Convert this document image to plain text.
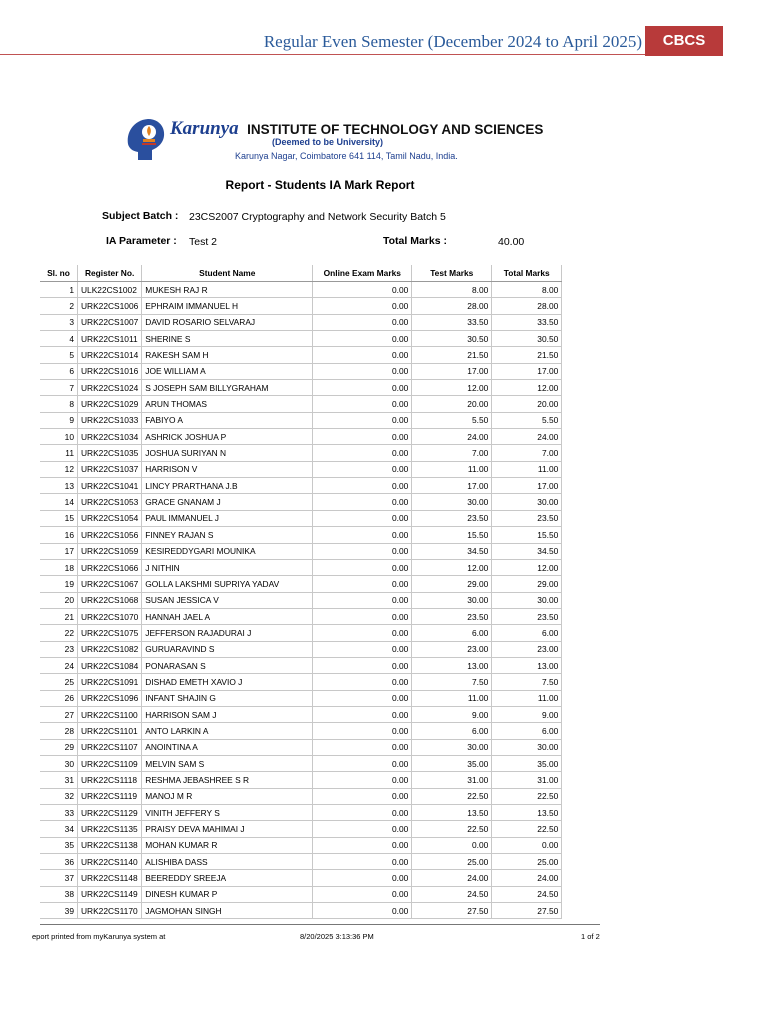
Regular Even Semester (December 2024 to April 2025)	CBCS
Karunya INSTITUTE OF TECHNOLOGY AND SCIENCES
(Deemed to be University)
Karunya Nagar, Coimbatore 641 114, Tamil Nadu, India.
Report - Students IA Mark Report
Subject Batch : 23CS2007 Cryptography and Network Security Batch 5
IA Parameter : Test 2	Total Marks :	40.00
Sl. no	Register No.	Student Name	Online Exam Marks	Test Marks	Total Marks
1	ULK22CS1002	MUKESH RAJ R	0.00	8.00	8.00
2	URK22CS1006	EPHRAIM IMMANUEL H	0.00	28.00	28.00
3	URK22CS1007	DAVID ROSARIO SELVARAJ	0.00	33.50	33.50
4	URK22CS1011	SHERINE S	0.00	30.50	30.50
5	URK22CS1014	RAKESH SAM H	0.00	21.50	21.50
6	URK22CS1016	JOE WILLIAM A	0.00	17.00	17.00
7	URK22CS1024	S JOSEPH SAM BILLYGRAHAM	0.00	12.00	12.00
8	URK22CS1029	ARUN THOMAS	0.00	20.00	20.00
9	URK22CS1033	FABIYO A	0.00	5.50	5.50
10	URK22CS1034	ASHRICK JOSHUA P	0.00	24.00	24.00
11	URK22CS1035	JOSHUA SURIYAN N	0.00	7.00	7.00
12	URK22CS1037	HARRISON V	0.00	11.00	11.00
13	URK22CS1041	LINCY PRARTHANA J.B	0.00	17.00	17.00
14	URK22CS1053	GRACE GNANAM J	0.00	30.00	30.00
15	URK22CS1054	PAUL IMMANUEL J	0.00	23.50	23.50
16	URK22CS1056	FINNEY RAJAN S	0.00	15.50	15.50
17	URK22CS1059	KESIREDDYGARI MOUNIKA	0.00	34.50	34.50
18	URK22CS1066	J NITHIN	0.00	12.00	12.00
19	URK22CS1067	GOLLA LAKSHMI SUPRIYA YADAV	0.00	29.00	29.00
20	URK22CS1068	SUSAN JESSICA V	0.00	30.00	30.00
21	URK22CS1070	HANNAH JAEL A	0.00	23.50	23.50
22	URK22CS1075	JEFFERSON RAJADURAI J	0.00	6.00	6.00
23	URK22CS1082	GURUARAVIND S	0.00	23.00	23.00
24	URK22CS1084	PONARASAN S	0.00	13.00	13.00
25	URK22CS1091	DISHAD EMETH XAVIO J	0.00	7.50	7.50
26	URK22CS1096	INFANT SHAJIN G	0.00	11.00	11.00
27	URK22CS1100	HARRISON SAM J	0.00	9.00	9.00
28	URK22CS1101	ANTO LARKIN A	0.00	6.00	6.00
29	URK22CS1107	ANOINTINA A	0.00	30.00	30.00
30	URK22CS1109	MELVIN SAM S	0.00	35.00	35.00
31	URK22CS1118	RESHMA JEBASHREE S R	0.00	31.00	31.00
32	URK22CS1119	MANOJ M R	0.00	22.50	22.50
33	URK22CS1129	VINITH JEFFERY S	0.00	13.50	13.50
34	URK22CS1135	PRAISY DEVA MAHIMAI J	0.00	22.50	22.50
35	URK22CS1138	MOHAN KUMAR R	0.00	0.00	0.00
36	URK22CS1140	ALISHIBA DASS	0.00	25.00	25.00
37	URK22CS1148	BEEREDDY SREEJA	0.00	24.00	24.00
38	URK22CS1149	DINESH KUMAR P	0.00	24.50	24.50
39	URK22CS1170	JAGMOHAN SINGH	0.00	27.50	27.50
eport printed from myKarunya system at	8/20/2025 3:13:36 PM	1 of 2
